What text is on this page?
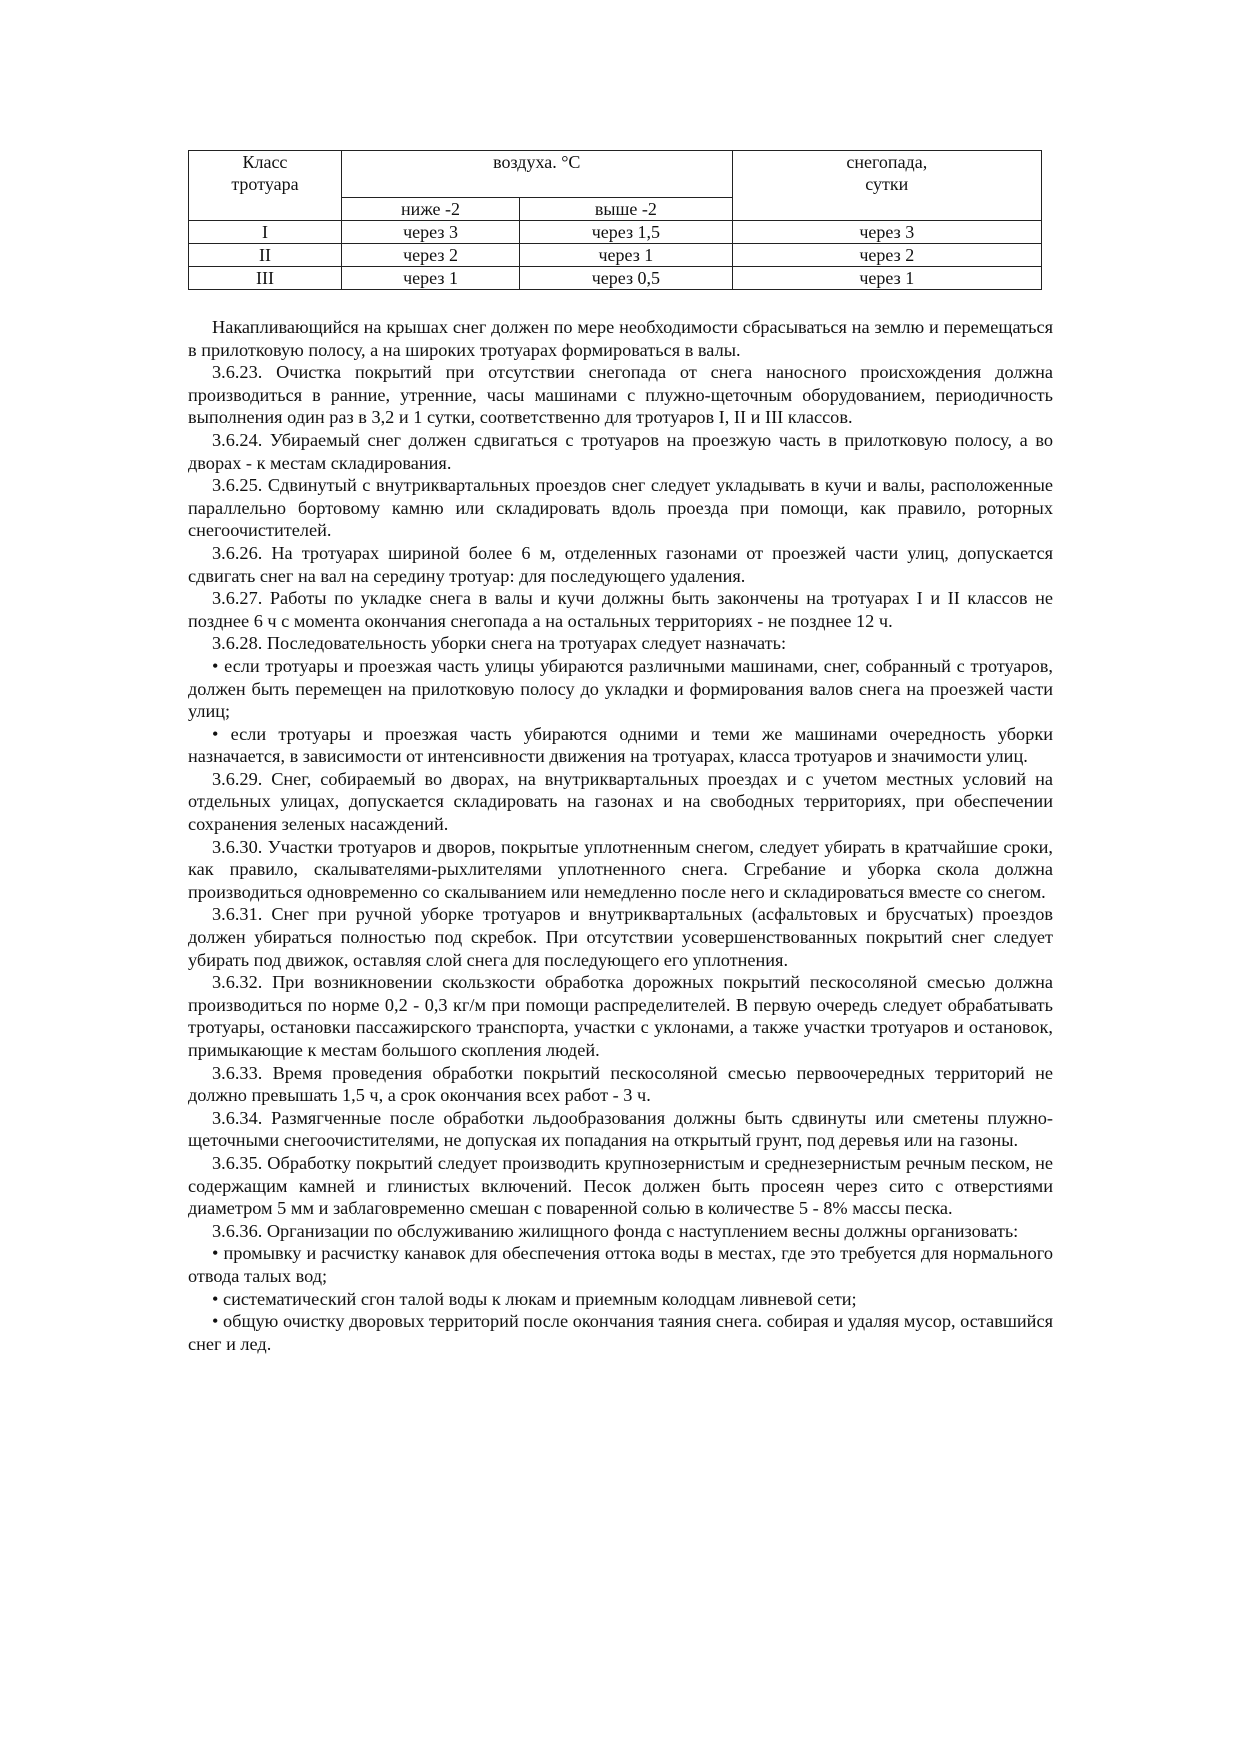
Класс
тротуара	воздуха. °C		снегопада,
сутки
	ниже -2	выше -2	
I	через 3	через 1,5	через 3
II	через 2	через 1	через 2
III	через 1	через 0,5	через 1

Накапливающийся на крышах снег должен по мере необходимости сбрасываться на землю и перемещаться в прилотковую полосу, а на широких тротуарах формироваться в валы.

3.6.23. Очистка покрытий при отсутствии снегопада от снега наносного происхождения должна производиться в ранние, утренние, часы машинами с плужно-щеточным оборудованием, периодичность выполнения один раз в 3,2 и 1 сутки, соответственно для тротуаров I, II и III классов.

3.6.24. Убираемый снег должен сдвигаться с тротуаров на проезжую часть в прилотковую полосу, а во дворах - к местам складирования.

3.6.25. Сдвинутый с внутриквартальных проездов снег следует укладывать в кучи и валы, расположенные параллельно бортовому камню или складировать вдоль проезда при помощи, как правило, роторных снегоочистителей.

3.6.26. На тротуарах шириной более 6 м, отделенных газонами от проезжей части улиц, допускается сдвигать снег на вал на середину тротуар: для последующего удаления.

3.6.27. Работы по укладке снега в валы и кучи должны быть закончены на тротуарах I и II классов не позднее 6 ч с момента окончания снегопада а на остальных территориях - не позднее 12 ч.

3.6.28. Последовательность уборки снега на тротуарах следует назначать:

• если тротуары и проезжая часть улицы убираются различными машинами, снег, собранный с тротуаров, должен быть перемещен на прилотковую полосу до укладки и формирования валов снега на проезжей части улиц;

• если тротуары и проезжая часть убираются одними и теми же машинами очередность уборки назначается, в зависимости от интенсивности движения на тротуарах, класса тротуаров и значимости улиц.

3.6.29. Снег, собираемый во дворах, на внутриквартальных проездах и с учетом местных условий на отдельных улицах, допускается складировать на газонах и на свободных территориях, при обеспечении сохранения зеленых насаждений.

3.6.30. Участки тротуаров и дворов, покрытые уплотненным снегом, следует убирать в кратчайшие сроки, как правило, скалывателями-рыхлителями уплотненного снега. Сгребание и уборка скола должна производиться одновременно со скалыванием или немедленно после него и складироваться вместе со снегом.

3.6.31. Снег при ручной уборке тротуаров и внутриквартальных (асфальтовых и брусчатых) проездов должен убираться полностью под скребок. При отсутствии усовершенствованных покрытий снег следует убирать под движок, оставляя слой снега для последующего его уплотнения.

3.6.32. При возникновении скользкости обработка дорожных покрытий пескосоляной смесью должна производиться по норме 0,2 - 0,3 кг/м при помощи распределителей. В первую очередь следует обрабатывать тротуары, остановки пассажирского транспорта, участки с уклонами, а также участки тротуаров и остановок, примыкающие к местам большого скопления людей.

3.6.33. Время проведения обработки покрытий пескосоляной смесью первоочередных территорий не должно превышать 1,5 ч, а срок окончания всех работ - 3 ч.

3.6.34. Размягченные после обработки льдообразования должны быть сдвинуты или сметены плужно-щеточными снегоочистителями, не допуская их попадания на открытый грунт, под деревья или на газоны.

3.6.35. Обработку покрытий следует производить крупнозернистым и среднезернистым речным песком, не содержащим камней и глинистых включений. Песок должен быть просеян через сито с отверстиями диаметром 5 мм и заблаговременно смешан с поваренной солью в количестве 5 - 8% массы песка.

3.6.36. Организации по обслуживанию жилищного фонда с наступлением весны должны организовать:

• промывку и расчистку канавок для обеспечения оттока воды в местах, где это требуется для нормального отвода талых вод;

• систематический сгон талой воды к люкам и приемным колодцам ливневой сети;

• общую очистку дворовых территорий после окончания таяния снега. собирая и удаляя мусор, оставшийся снег и лед.
